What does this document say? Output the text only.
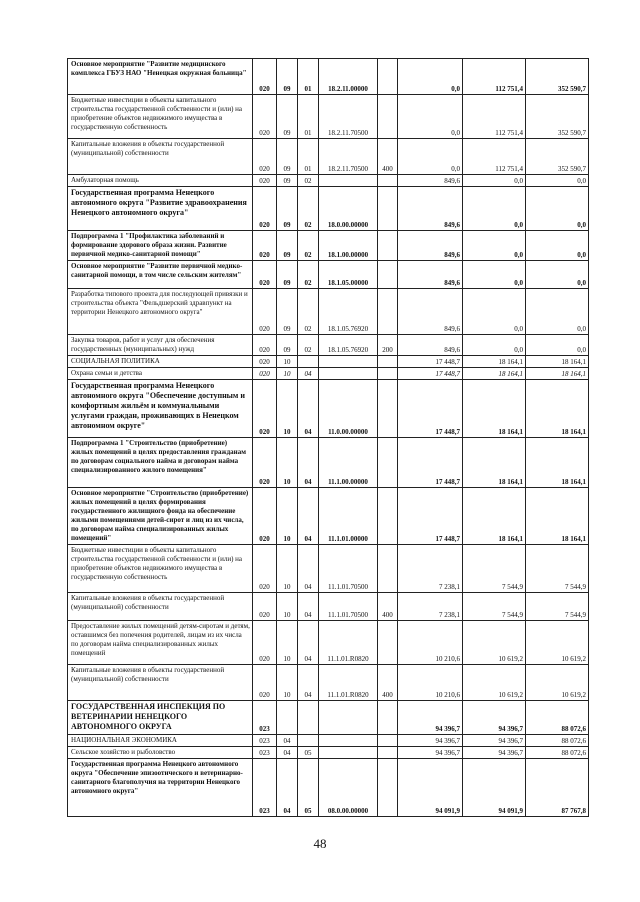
Основное мероприятие "Развитие медицинского комплекса ГБУЗ НАО "Ненецкая окружная больница"	020	09	01	18.2.11.00000		0,0	112 751,4	352 590,7
Бюджетные инвестиции в объекты капитального строительства государственной собственности и (или) на приобретение объектов недвижимого имущества в государственную собственность	020	09	01	18.2.11.70500		0,0	112 751,4	352 590,7
Капитальные вложения в объекты государственной (муниципальной) собственности	020	09	01	18.2.11.70500	400	0,0	112 751,4	352 590,7
Амбулаторная помощь	020	09	02			849,6	0,0	0,0
Государственная программа Ненецкого автономного округа "Развитие здравоохранения Ненецкого автономного округа"	020	09	02	18.0.00.00000		849,6	0,0	0,0
Подпрограмма 1 "Профилактика заболеваний и формирование здорового образа жизни. Развитие первичной медико-санитарной помощи"	020	09	02	18.1.00.00000		849,6	0,0	0,0
Основное мероприятие "Развитие первичной медико-санитарной помощи, в том числе сельским жителям"	020	09	02	18.1.05.00000		849,6	0,0	0,0
Разработка типового проекта для последующей привязки и строительства объекта "Фельдшерский здравпункт на территории Ненецкого автономного округа"	020	09	02	18.1.05.76920		849,6	0,0	0,0
Закупка товаров, работ и услуг для обеспечения государственных (муниципальных) нужд	020	09	02	18.1.05.76920	200	849,6	0,0	0,0
СОЦИАЛЬНАЯ ПОЛИТИКА	020	10				17 448,7	18 164,1	18 164,1
Охрана семьи и детства	020	10	04			17 448,7	18 164,1	18 164,1
Государственная программа Ненецкого автономного округа "Обеспечение доступным и комфортным жильём и коммунальными услугами граждан, проживающих в Ненецком автономном округе"	020	10	04	11.0.00.00000		17 448,7	18 164,1	18 164,1
Подпрограмма 1 "Строительство (приобретение) жилых помещений в целях предоставления гражданам по договорам социального найма и договорам найма специализированного жилого помещения"	020	10	04	11.1.00.00000		17 448,7	18 164,1	18 164,1
Основное мероприятие "Строительство (приобретение) жилых помещений в целях формирования государственного жилищного фонда на обеспечение жилыми помещениями детей-сирот и лиц из их числа, по договорам найма специализированных жилых помещений"	020	10	04	11.1.01.00000		17 448,7	18 164,1	18 164,1
Бюджетные инвестиции в объекты капитального строительства государственной собственности и (или) на приобретение объектов недвижимого имущества в государственную собственность	020	10	04	11.1.01.70500		7 238,1	7 544,9	7 544,9
Капитальные вложения в объекты государственной (муниципальной) собственности	020	10	04	11.1.01.70500	400	7 238,1	7 544,9	7 544,9
Предоставление жилых помещений детям-сиротам и детям, оставшимся без попечения родителей, лицам из их числа по договорам найма специализированных жилых помещений	020	10	04	11.1.01.R0820		10 210,6	10 619,2	10 619,2
Капитальные вложения в объекты государственной (муниципальной) собственности	020	10	04	11.1.01.R0820	400	10 210,6	10 619,2	10 619,2
ГОСУДАРСТВЕННАЯ ИНСПЕКЦИЯ ПО ВЕТЕРИНАРИИ НЕНЕЦКОГО АВТОНОМНОГО ОКРУГА	023					94 396,7	94 396,7	88 072,6
НАЦИОНАЛЬНАЯ ЭКОНОМИКА	023	04				94 396,7	94 396,7	88 072,6
Сельское хозяйство и рыболовство	023	04	05			94 396,7	94 396,7	88 072,6
Государственная программа Ненецкого автономного округа "Обеспечение эпизоотического и ветеринарно-санитарного благополучия на территории Ненецкого автономного округа"	023	04	05	08.0.00.00000		94 091,9	94 091,9	87 767,8
48
